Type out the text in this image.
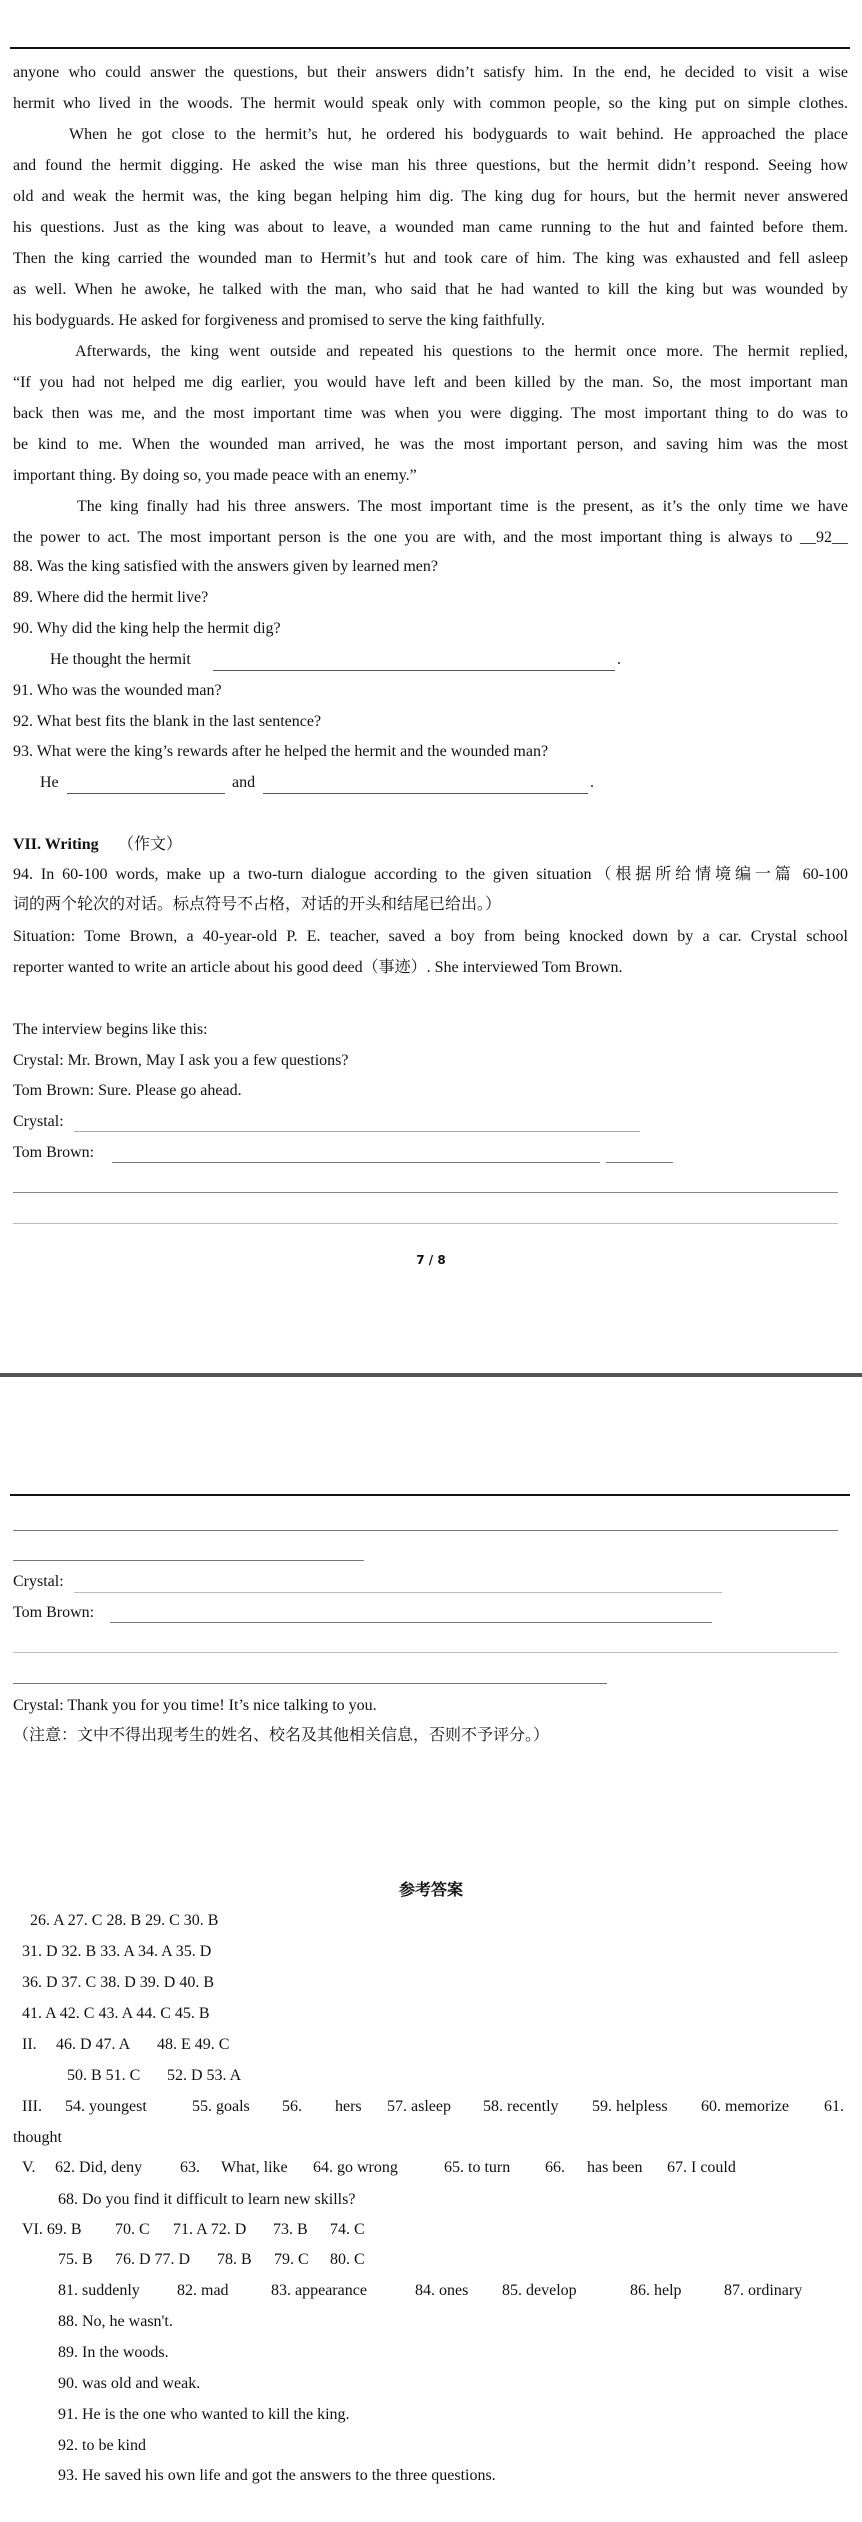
anyone who could answer the questions, but their answers didn’t satisfy him. In the end, he decided to visit a wise
hermit who lived in the woods. The hermit would speak only with common people, so the king put on simple clothes.
When he got close to the hermit’s hut, he ordered his bodyguards to wait behind. He approached the place
and found the hermit digging. He asked the wise man his three questions, but the hermit didn’t respond. Seeing how
old and weak the hermit was, the king began helping him dig. The king dug for hours, but the hermit never answered
his questions. Just as the king was about to leave, a wounded man came running to the hut and fainted before them.
Then the king carried the wounded man to Hermit’s hut and took care of him. The king was exhausted and fell asleep
as well. When he awoke, he talked with the man, who said that he had wanted to kill the king but was wounded by
his bodyguards. He asked for forgiveness and promised to serve the king faithfully.
Afterwards, the king went outside and repeated his questions to the hermit once more. The hermit replied,
“If you had not helped me dig earlier, you would have left and been killed by the man. So, the most important man
back then was me, and the most important time was when you were digging. The most important thing to do was to
be kind to me. When the wounded man arrived, he was the most important person, and saving him was the most
important thing. By doing so, you made peace with an enemy.”
The king finally had his three answers. The most important time is the present, as it’s the only time we have
the power to act. The most important person is the one you are with, and the most important thing is always to __92__
88. Was the king satisfied with the answers given by learned men?
89. Where did the hermit live?
90. Why did the king help the hermit dig?
He thought the hermit	.
91. Who was the wounded man?
92. What best fits the blank in the last sentence?
93. What were the king’s rewards after he helped the hermit and the wounded man?
He	and	.
VII. Writing （作文）
94. In 60-100 words, make up a two-turn dialogue according to the given situation（根据所给情境编一篇 60-100
词的两个轮次的对话。标点符号不占格，对话的开头和结尾已给出。）
Situation: Tome Brown, a 40-year-old P. E. teacher, saved a boy from being knocked down by a car. Crystal school
reporter wanted to write an article about his good deed（事迹）. She interviewed Tom Brown.
The interview begins like this:
Crystal: Mr. Brown, May I ask you a few questions?
Tom Brown: Sure. Please go ahead.
Crystal:
Tom Brown:
7 / 8
Crystal:
Tom Brown:
Crystal: Thank you for you time! It’s nice talking to you.
（注意：文中不得出现考生的姓名、校名及其他相关信息，否则不予评分。）
参考答案
26. A 27. C 28. B 29. C 30. B
31. D 32. B 33. A 34. A 35. D
36. D 37. C 38. D 39. D 40. B
41. A 42. C 43. A 44. C 45. B
II. 46. D 47. A 48. E 49. C
50. B 51. C 52. D 53. A
III. 54. youngest	55. goals 56. hers 57. asleep 58. recently 59. helpless 60. memorize 61.
thought
V. 62. Did, deny 63. What, like 64. go wrong	65. to turn 66. has been 67. I could
68. Do you find it difficult to learn new skills?
VI. 69. B 70. C 71. A 72. D 73. B 74. C
75. B 76. D 77. D 78. B 79. C 80. C
81. suddenly 82. mad	83. appearance	84. ones 85. develop	86. help	87. ordinary
88. No, he wasn't.
89. In the woods.
90. was old and weak.
91. He is the one who wanted to kill the king.
92. to be kind
93. He saved his own life and got the answers to the three questions.
